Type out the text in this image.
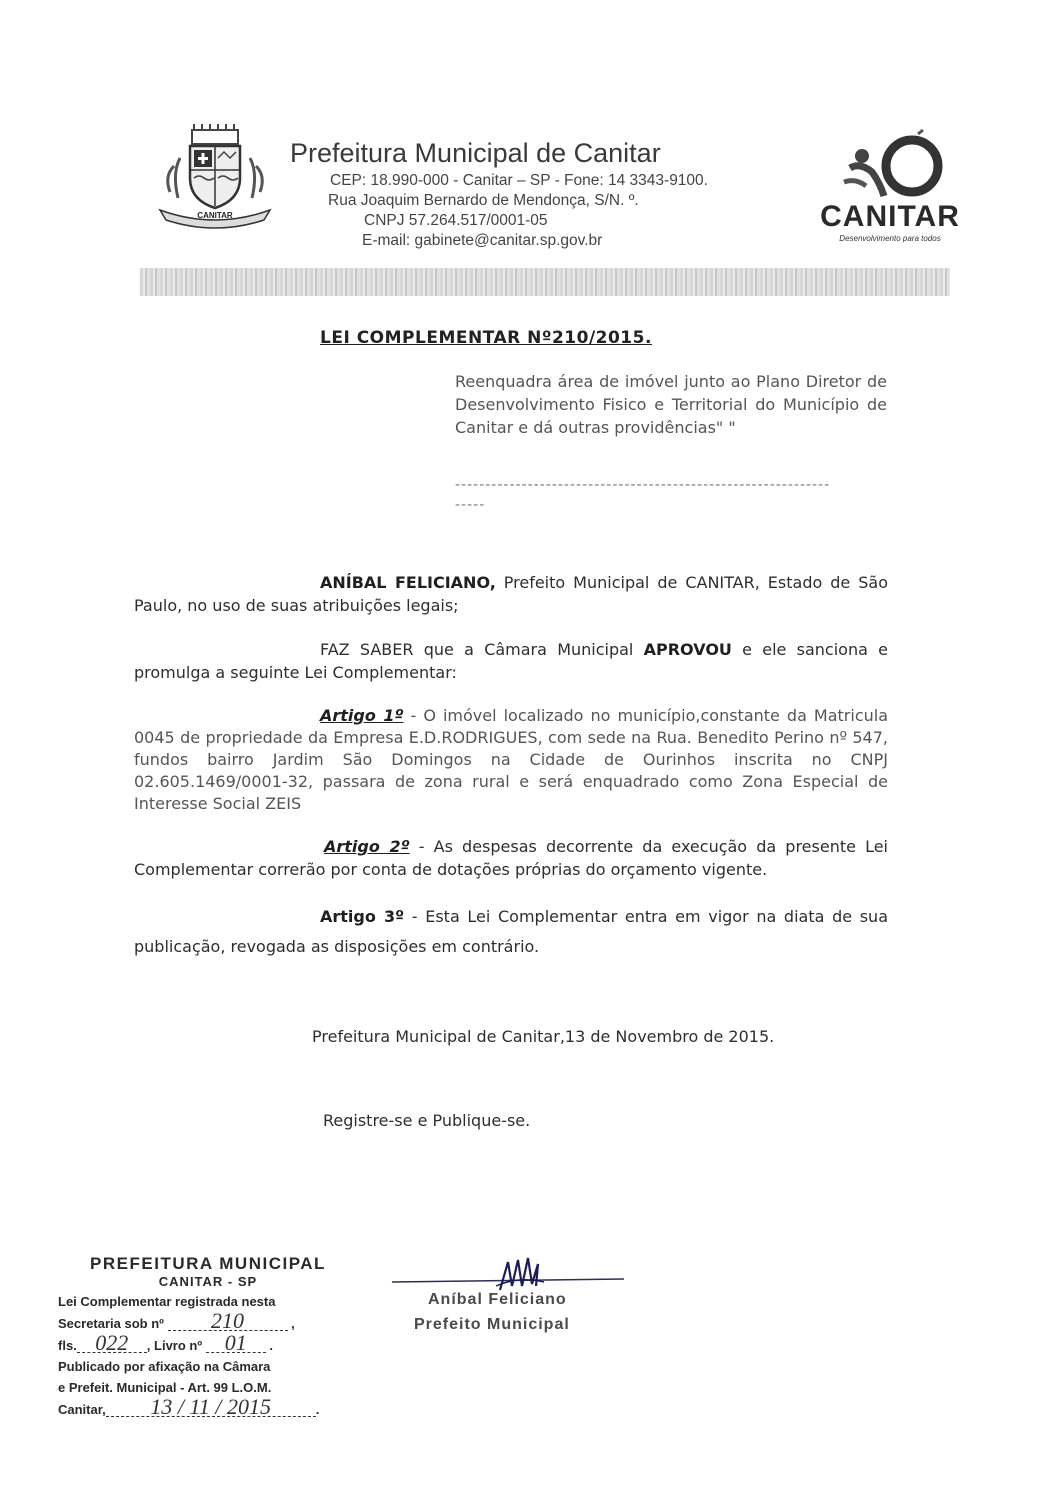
CANITAR
Prefeitura Municipal de Canitar
CEP: 18.990-000 - Canitar – SP - Fone: 14 3343-9100.
Rua Joaquim Bernardo de Mendonça, S/N. º.
CNPJ 57.264.517/0001-05
E-mail: gabinete@canitar.sp.gov.br
CANITAR
Desenvolvimento para todos
LEI COMPLEMENTAR Nº210/2015.
Reenquadra área de imóvel junto ao Plano Diretor de Desenvolvimento Fisico e Territorial do Município de Canitar e dá outras providências" "
--------------------------------------------------------------
-----
ANÍBAL FELICIANO, Prefeito Municipal de CANITAR, Estado de São Paulo, no uso de suas atribuições legais;
FAZ SABER que a Câmara Municipal APROVOU e ele sanciona e promulga a seguinte Lei Complementar:
Artigo 1º - O imóvel localizado no município,constante da Matricula 0045 de propriedade da Empresa E.D.RODRIGUES, com sede na Rua. Benedito Perino nº 547, fundos bairro Jardim São Domingos na Cidade de Ourinhos inscrita no CNPJ 02.605.1469/0001-32, passara de zona rural e será enquadrado como Zona Especial de Interesse Social ZEIS
Artigo 2º - As despesas decorrente da execução da presente Lei Complementar correrão por conta de dotações próprias do orçamento vigente.
Artigo 3º - Esta Lei Complementar entra em vigor na diata de sua publicação, revogada as disposições em contrário.
Prefeitura Municipal de Canitar,13 de Novembro de 2015.
Registre-se e Publique-se.
PREFEITURA MUNICIPAL
CANITAR - SP
Lei Complementar registrada nesta
Secretaria sob nº 210	,
fls. 022 , Livro nº 01 .
Publicado por afixação na Câmara
e Prefeit. Municipal - Art. 99 L.O.M.
Canitar, 13 / 11 / 2015	.
Aníbal Feliciano
Prefeito Municipal
